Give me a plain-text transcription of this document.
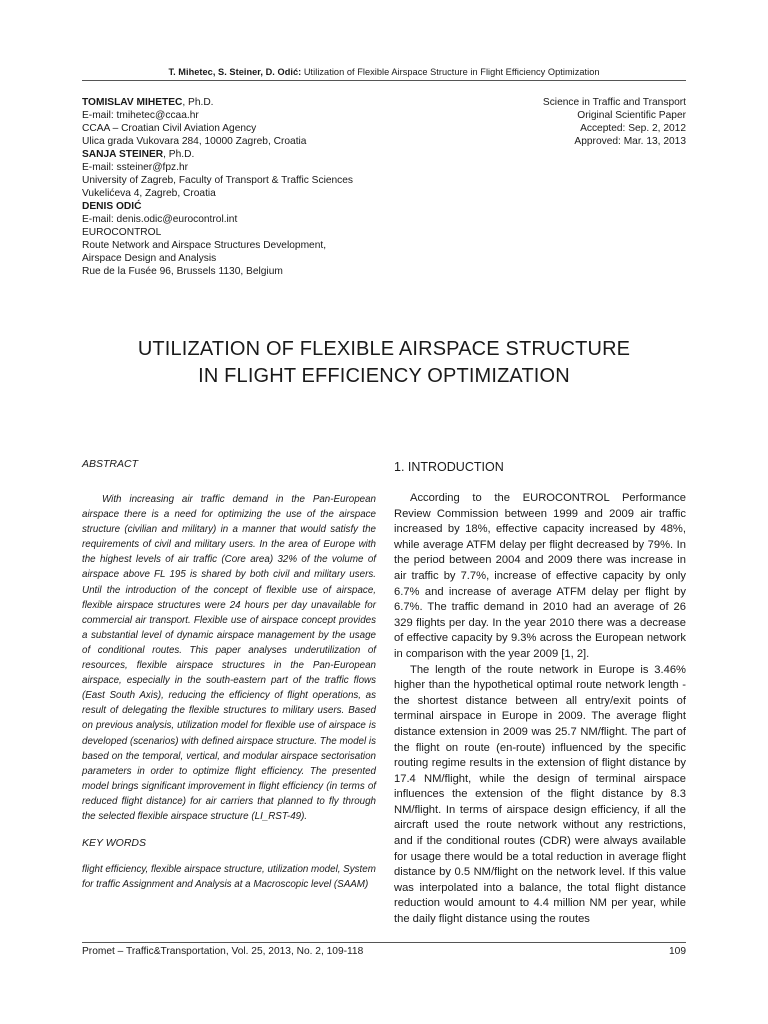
T. Mihetec, S. Steiner, D. Odić: Utilization of Flexible Airspace Structure in Flight Efficiency Optimization
TOMISLAV MIHETEC, Ph.D.
E-mail: tmihetec@ccaa.hr
CCAA – Croatian Civil Aviation Agency
Ulica grada Vukovara 284, 10000 Zagreb, Croatia
SANJA STEINER, Ph.D.
E-mail: ssteiner@fpz.hr
University of Zagreb, Faculty of Transport & Traffic Sciences
Vukelićeva 4, Zagreb, Croatia
DENIS ODIĆ
E-mail: denis.odic@eurocontrol.int
EUROCONTROL
Route Network and Airspace Structures Development,
Airspace Design and Analysis
Rue de la Fusée 96, Brussels 1130, Belgium
Science in Traffic and Transport
Original Scientific Paper
Accepted: Sep. 2, 2012
Approved: Mar. 13, 2013
UTILIZATION OF FLEXIBLE AIRSPACE STRUCTURE
IN FLIGHT EFFICIENCY OPTIMIZATION
ABSTRACT

With increasing air traffic demand in the Pan-European airspace there is a need for optimizing the use of the airspace structure (civilian and military) in a manner that would satisfy the requirements of civil and military users. In the area of Europe with the highest levels of air traffic (Core area) 32% of the volume of airspace above FL 195 is shared by both civil and military users. Until the introduction of the concept of flexible use of airspace, flexible airspace structures were 24 hours per day unavailable for commercial air transport. Flexible use of airspace concept provides a substantial level of dynamic airspace management by the usage of conditional routes. This paper analyses underutilization of resources, flexible airspace structures in the Pan-European airspace, especially in the south-eastern part of the traffic flows (East South Axis), reducing the efficiency of flight operations, as result of delegating the flexible structures to military users. Based on previous analysis, utilization model for flexible use of airspace is developed (scenarios) with defined airspace structure. The model is based on the temporal, vertical, and modular airspace sectorisation parameters in order to optimize flight efficiency. The presented model brings significant improvement in flight efficiency (in terms of reduced flight distance) for air carriers that planned to fly through the selected flexible airspace structure (LI_RST-49).

KEY WORDS

flight efficiency, flexible airspace structure, utilization model, System for traffic Assignment and Analysis at a Macroscopic level (SAAM)

1. INTRODUCTION

According to the EUROCONTROL Performance Review Commission between 1999 and 2009 air traffic increased by 18%, effective capacity increased by 48%, while average ATFM delay per flight decreased by 79%. In the period between 2004 and 2009 there was increase in air traffic by 7.7%, increase of effective capacity by only 6.7% and increase of average ATFM delay per flight by 6.7%. The traffic demand in 2010 had an average of 26 329 flights per day. In the year 2010 there was a decrease of effective capacity by 9.3% across the European network in comparison with the year 2009 [1, 2].

The length of the route network in Europe is 3.46% higher than the hypothetical optimal route network length - the shortest distance between all entry/exit points of terminal airspace in Europe in 2009. The average flight distance extension in 2009 was 25.7 NM/flight. The part of the flight on route (en-route) influenced by the specific routing regime results in the extension of flight distance by 17.4 NM/flight, while the design of terminal airspace influences the extension of the flight distance by 8.3 NM/flight. In terms of airspace design efficiency, if all the aircraft used the route network without any restrictions, and if the conditional routes (CDR) were always available for usage there would be a total reduction in average flight distance by 0.5 NM/flight on the network level. If this value was interpolated into a balance, the total flight distance reduction would amount to 4.4 million NM per year, while the daily flight distance using the routes

Promet – Traffic&Transportation, Vol. 25, 2013, No. 2, 109-118	109
